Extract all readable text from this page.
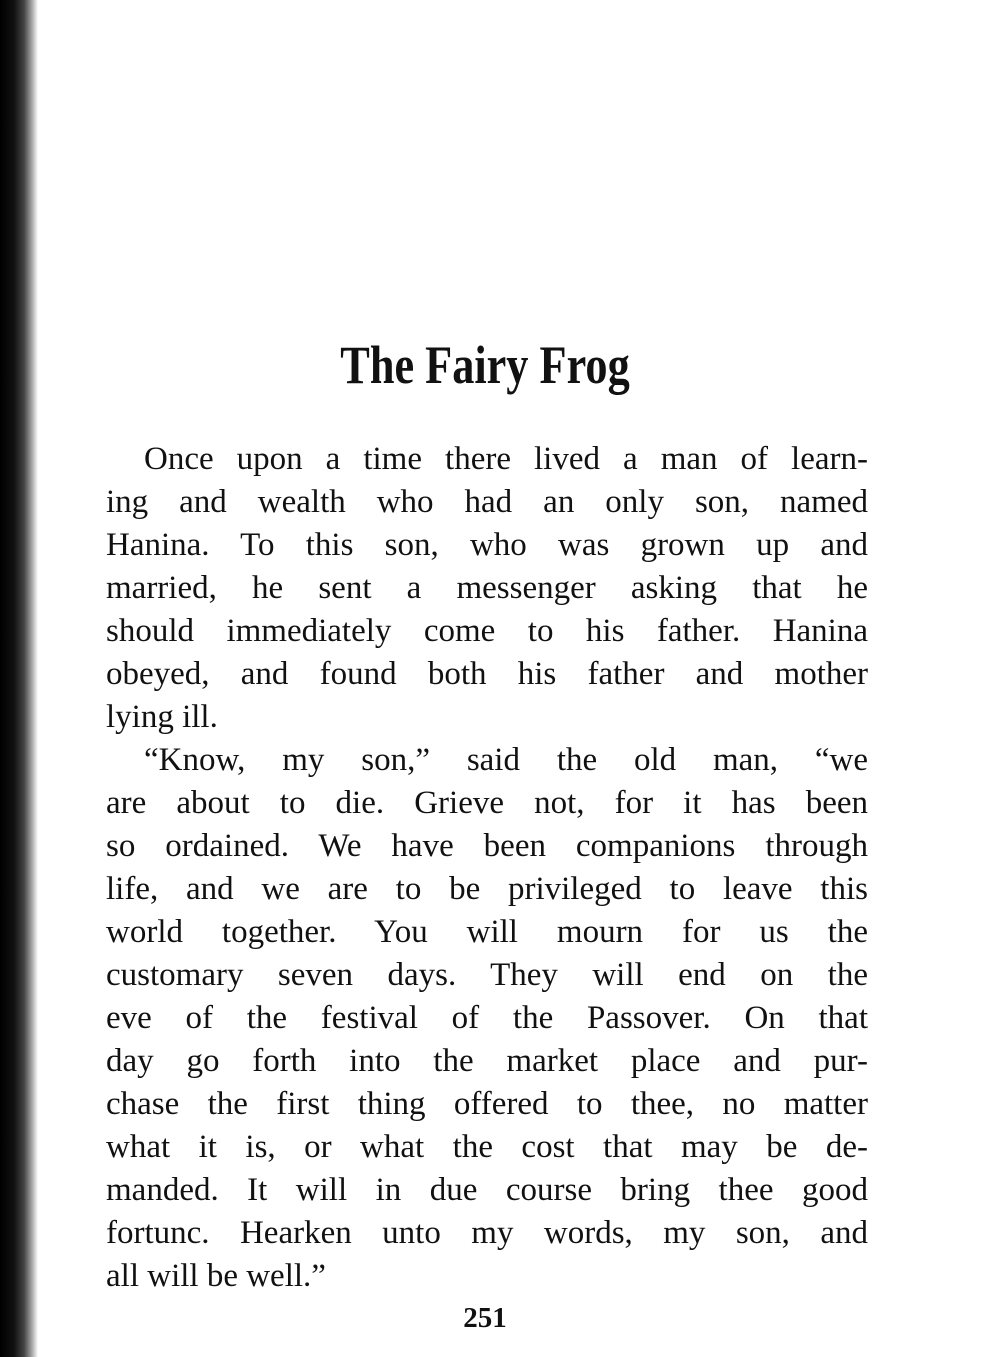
The Fairy Frog
Once upon a time there lived a man of learn-
ing and wealth who had an only son, named
Hanina. To this son, who was grown up and
married, he sent a messenger asking that he
should immediately come to his father. Hanina
obeyed, and found both his father and mother
lying ill.
“Know, my son,” said the old man, “we
are about to die. Grieve not, for it has been
so ordained. We have been companions through
life, and we are to be privileged to leave this
world together. You will mourn for us the
customary seven days. They will end on the
eve of the festival of the Passover. On that
day go forth into the market place and pur-
chase the first thing offered to thee, no matter
what it is, or what the cost that may be de-
manded. It will in due course bring thee good
fortunc. Hearken unto my words, my son, and
all will be well.”
251
